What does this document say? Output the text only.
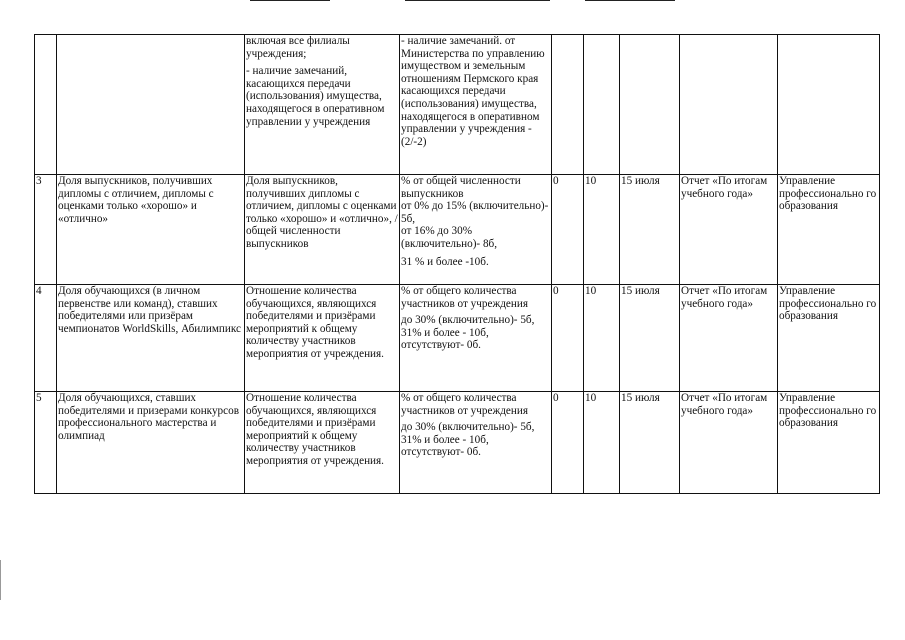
		включая все филиалы учреждения;
- наличие замечаний, касающихся передачи (использования) имущества, находящегося в оперативном управлении у учреждения	- наличие замечаний. от Министерства по управлению имуществом и земельным отношениям Пермского края касающихся передачи (использования) имущества, находящегося в оперативном управлении у учреждения - (2/-2)					
3	Доля выпускников, получивших дипломы с отличием, дипломы с оценками только «хорошо» и «отлично»	Доля выпускников, получивших дипломы с отличием, дипломы с оценками только «хорошо» и «отлично», /общей численности выпускников	% от общей численности выпускников
от 0% до 15% (включительно)- 5б,
от 16% до 30% (включительно)- 8б,
31 % и более -10б.	0	10	15 июля	Отчет «По итогам учебного года»	Управление профессионально го образования
4	Доля обучающихся (в личном первенстве или команд), ставших победителями или призёрам чемпионатов WorldSkills, Абилимпикс	Отношение количества обучающихся, являющихся победителями и призёрами мероприятий к общему количеству участников мероприятия от учреждения.	% от общего количества участников от учреждения
до 30% (включительно)- 5б,
31% и более - 10б,
отсутствуют- 0б.	0	10	15 июля	Отчет «По итогам учебного года»	Управление профессионально го образования
5	Доля обучающихся, ставших победителями и призерами конкурсов профессионального мастерства и олимпиад	Отношение количества обучающихся, являющихся победителями и призёрами мероприятий к общему количеству участников мероприятия от учреждения.	% от общего количества участников от учреждения
до 30% (включительно)- 5б,
31% и более - 10б,
отсутствуют- 0б.	0	10	15 июля	Отчет «По итогам учебного года»	Управление профессионально го образования
